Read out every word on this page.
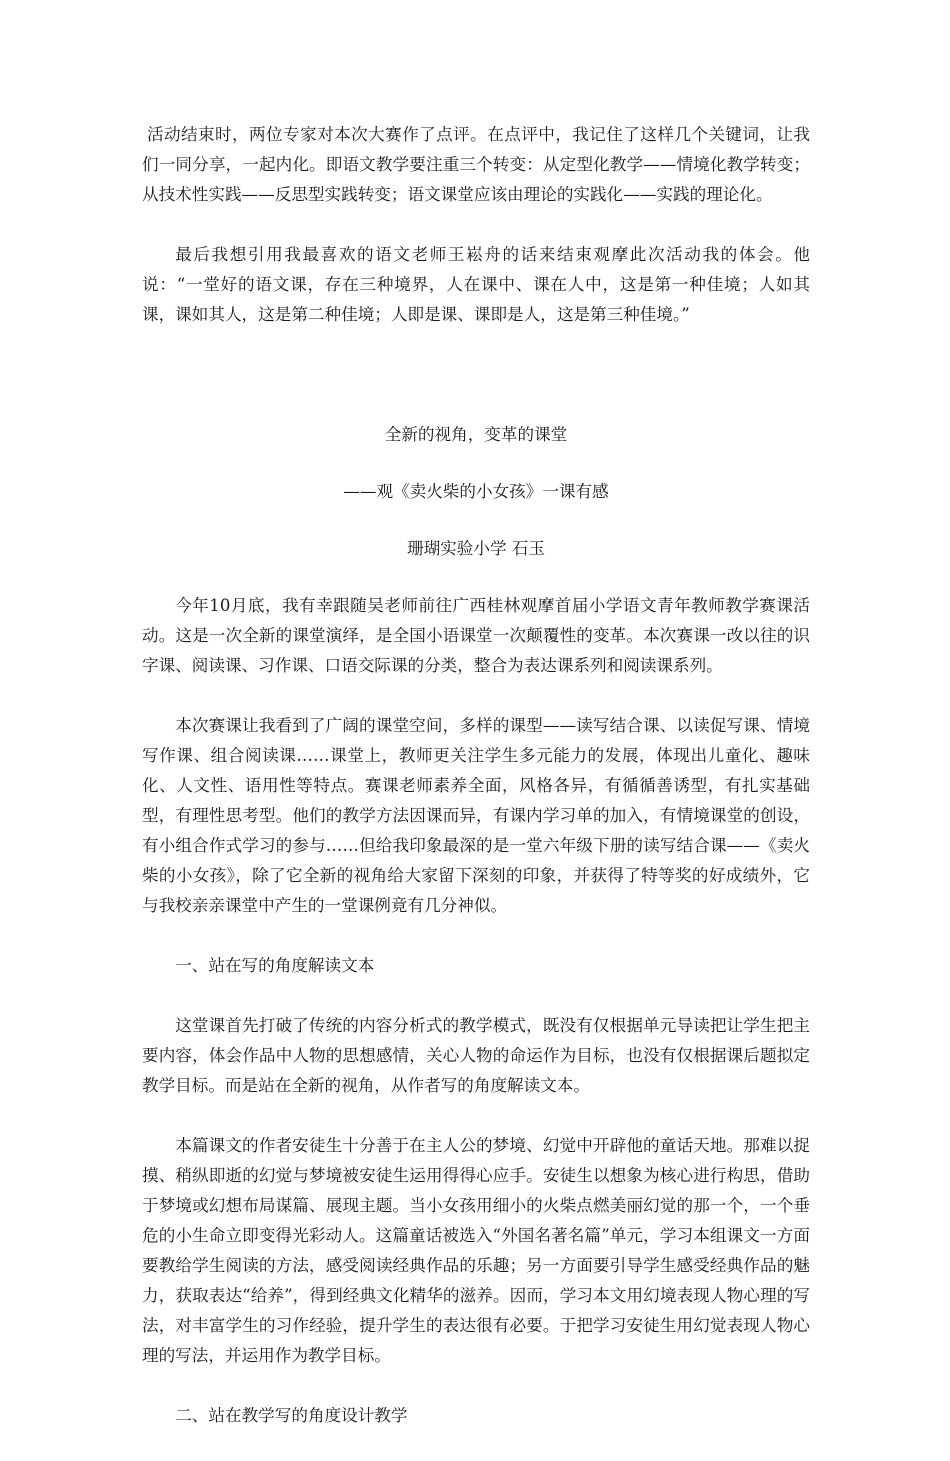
活动结束时，两位专家对本次大赛作了点评。在点评中，我记住了这样几个关键词，让我们一同分享，一起内化。即语文教学要注重三个转变：从定型化教学——情境化教学转变；从技术性实践——反思型实践转变；语文课堂应该由理论的实践化——实践的理论化。

最后我想引用我最喜欢的语文老师王崧舟的话来结束观摩此次活动我的体会。他说：“一堂好的语文课，存在三种境界，人在课中、课在人中，这是第一种佳境；人如其课，课如其人，这是第二种佳境；人即是课、课即是人，这是第三种佳境。”

全新的视角，变革的课堂

——观《卖火柴的小女孩》一课有感

珊瑚实验小学 石玉

今年10月底，我有幸跟随吴老师前往广西桂林观摩首届小学语文青年教师教学赛课活动。这是一次全新的课堂演绎，是全国小语课堂一次颠覆性的变革。本次赛课一改以往的识字课、阅读课、习作课、口语交际课的分类，整合为表达课系列和阅读课系列。

本次赛课让我看到了广阔的课堂空间，多样的课型——读写结合课、以读促写课、情境写作课、组合阅读课……课堂上，教师更关注学生多元能力的发展，体现出儿童化、趣味化、人文性、语用性等特点。赛课老师素养全面，风格各异，有循循善诱型，有扎实基础型，有理性思考型。他们的教学方法因课而异，有课内学习单的加入，有情境课堂的创设，有小组合作式学习的参与……但给我印象最深的是一堂六年级下册的读写结合课——《卖火柴的小女孩》，除了它全新的视角给大家留下深刻的印象，并获得了特等奖的好成绩外，它与我校亲亲课堂中产生的一堂课例竟有几分神似。

一、站在写的角度解读文本

这堂课首先打破了传统的内容分析式的教学模式，既没有仅根据单元导读把让学生把主要内容，体会作品中人物的思想感情，关心人物的命运作为目标，也没有仅根据课后题拟定教学目标。而是站在全新的视角，从作者写的角度解读文本。

本篇课文的作者安徒生十分善于在主人公的梦境、幻觉中开辟他的童话天地。那难以捉摸、稍纵即逝的幻觉与梦境被安徒生运用得得心应手。安徒生以想象为核心进行构思，借助于梦境或幻想布局谋篇、展现主题。当小女孩用细小的火柴点燃美丽幻觉的那一个，一个垂危的小生命立即变得光彩动人。这篇童话被选入“外国名著名篇”单元，学习本组课文一方面要教给学生阅读的方法，感受阅读经典作品的乐趣；另一方面要引导学生感受经典作品的魅力，获取表达“给养”，得到经典文化精华的滋养。因而，学习本文用幻境表现人物心理的写法，对丰富学生的习作经验，提升学生的表达很有必要。于把学习安徒生用幻觉表现人物心理的写法，并运用作为教学目标。

二、站在教学写的角度设计教学
